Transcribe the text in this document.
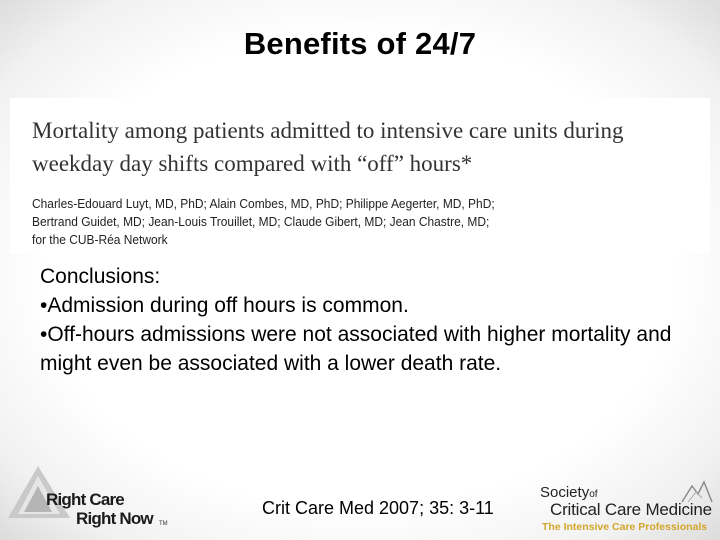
Benefits of 24/7
Mortality among patients admitted to intensive care units during
weekday day shifts compared with “off” hours*
Charles-Edouard Luyt, MD, PhD; Alain Combes, MD, PhD; Philippe Aegerter, MD, PhD;
Bertrand Guidet, MD; Jean-Louis Trouillet, MD; Claude Gibert, MD; Jean Chastre, MD;
for the CUB-Réa Network
Conclusions:
•Admission during off hours is common.
•Off-hours admissions were not associated with higher mortality and might even be associated with a lower death rate.
Crit Care Med 2007; 35: 3-11
Right Care
Right Now TM
Societyof
Critical Care Medicine
The Intensive Care Professionals
